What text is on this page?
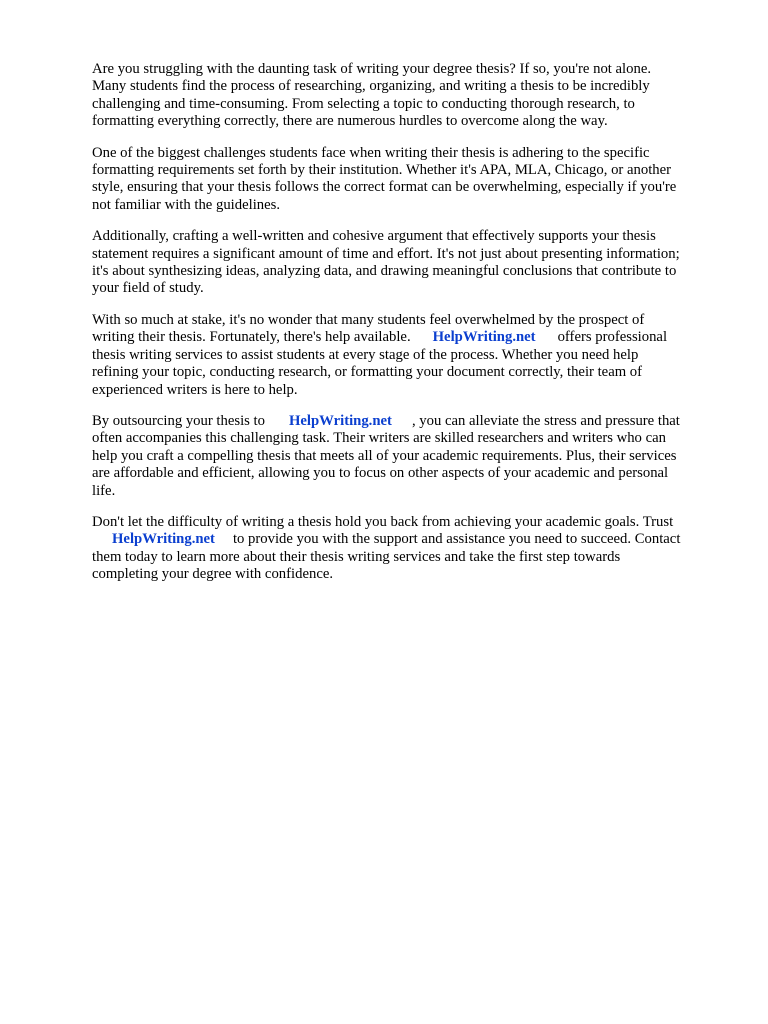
Are you struggling with the daunting task of writing your degree thesis? If so, you're not alone.
Many students find the process of researching, organizing, and writing a thesis to be incredibly
challenging and time-consuming. From selecting a topic to conducting thorough research, to
formatting everything correctly, there are numerous hurdles to overcome along the way.

One of the biggest challenges students face when writing their thesis is adhering to the specific
formatting requirements set forth by their institution. Whether it's APA, MLA, Chicago, or another
style, ensuring that your thesis follows the correct format can be overwhelming, especially if you're
not familiar with the guidelines.

Additionally, crafting a well-written and cohesive argument that effectively supports your thesis
statement requires a significant amount of time and effort. It's not just about presenting information;
it's about synthesizing ideas, analyzing data, and drawing meaningful conclusions that contribute to
your field of study.

With so much at stake, it's no wonder that many students feel overwhelmed by the prospect of
writing their thesis. Fortunately, there's help available. HelpWriting.net offers professional
thesis writing services to assist students at every stage of the process. Whether you need help
refining your topic, conducting research, or formatting your document correctly, their team of
experienced writers is here to help.

By outsourcing your thesis to HelpWriting.net , you can alleviate the stress and pressure that
often accompanies this challenging task. Their writers are skilled researchers and writers who can
help you craft a compelling thesis that meets all of your academic requirements. Plus, their services
are affordable and efficient, allowing you to focus on other aspects of your academic and personal
life.

Don't let the difficulty of writing a thesis hold you back from achieving your academic goals. Trust
HelpWriting.net to provide you with the support and assistance you need to succeed. Contact
them today to learn more about their thesis writing services and take the first step towards
completing your degree with confidence.
